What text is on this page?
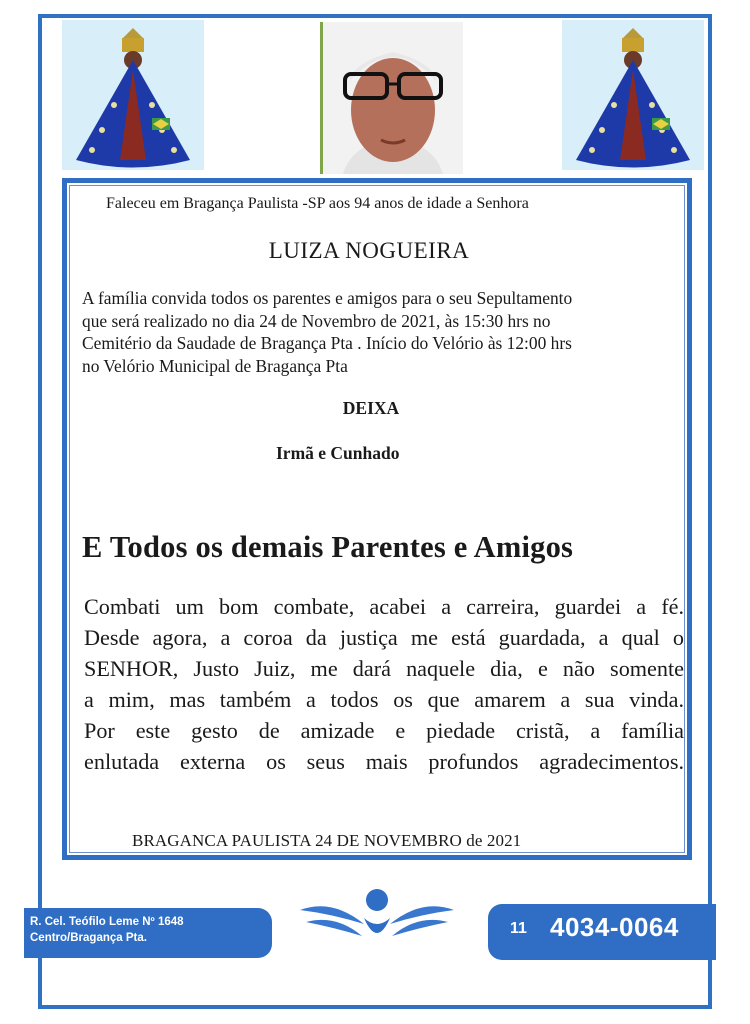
Faleceu em Bragança Paulista -SP aos 94 anos de idade a Senhora
LUIZA NOGUEIRA
A família convida todos os parentes e amigos para o seu Sepultamento
que será realizado no dia 24 de Novembro de 2021, às 15:30 hrs no
Cemitério da Saudade de Bragança Pta . Início do Velório às 12:00 hrs
no Velório Municipal de Bragança Pta
DEIXA
Irmã e Cunhado
E Todos os demais Parentes e Amigos
Combati um bom combate, acabei a carreira, guardei a fé.
Desde agora, a coroa da justiça me está guardada, a qual o
SENHOR, Justo Juiz, me dará naquele dia, e não somente
a mim, mas também a todos os que amarem a sua vinda.
Por este gesto de amizade e piedade cristã, a família
enlutada externa os seus mais profundos agradecimentos.
BRAGANCA PAULISTA 24 DE NOVEMBRO de 2021
R. Cel. Teófilo Leme Nº 1648
Centro/Bragança Pta.
11 4034-0064
